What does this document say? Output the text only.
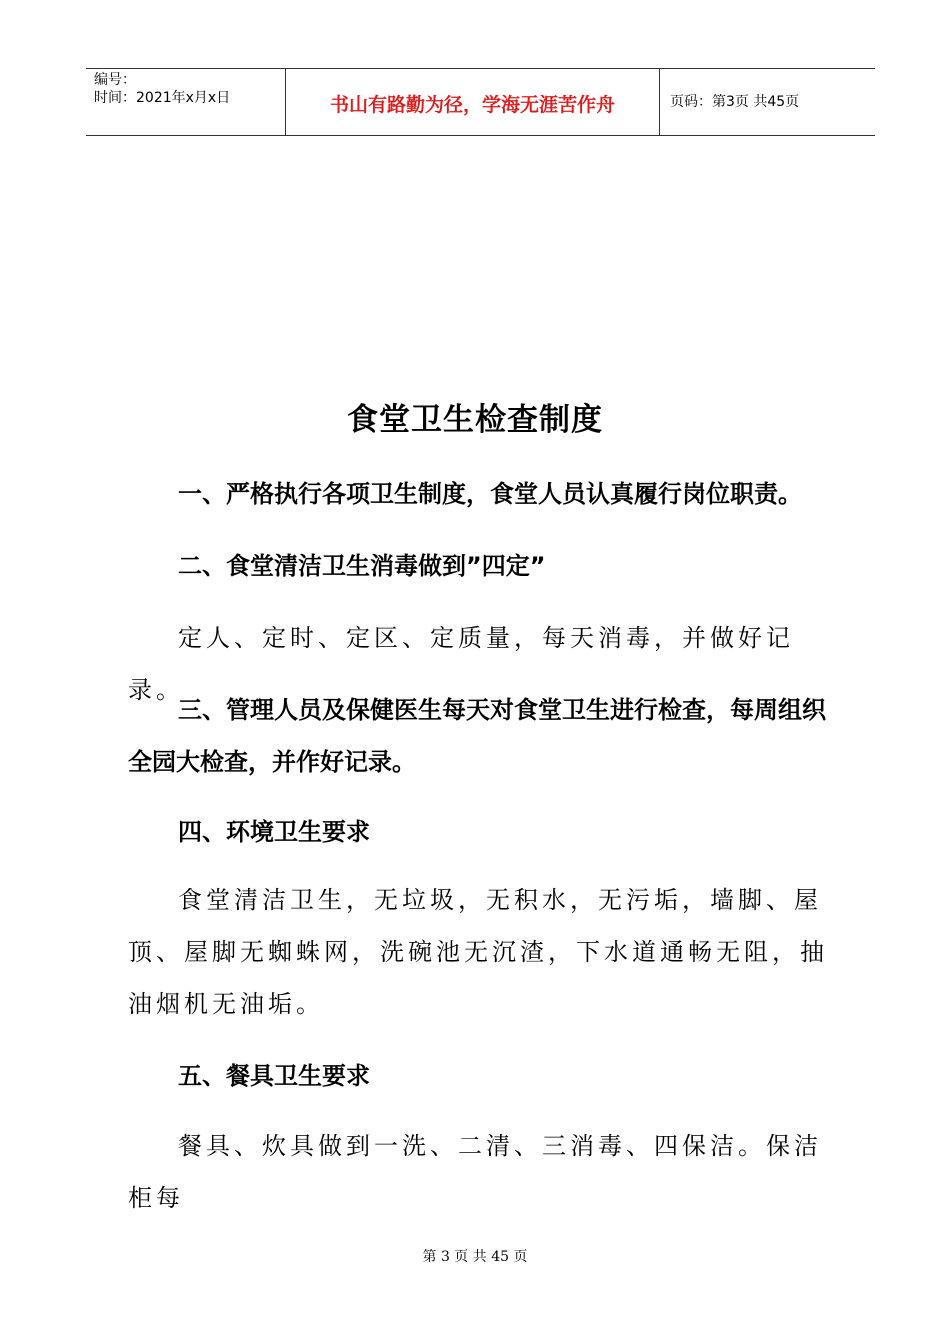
编号：
时间：2021年x月x日	书山有路勤为径，学海无涯苦作舟	页码：第3页 共45页
食堂卫生检查制度

一、严格执行各项卫生制度，食堂人员认真履行岗位职责。

二、食堂清洁卫生消毒做到”四定”

定人、定时、定区、定质量，每天消毒，并做好记录。

三、管理人员及保健医生每天对食堂卫生进行检查，每周组织全园大检查，并作好记录。

四、环境卫生要求

食堂清洁卫生，无垃圾，无积水，无污垢，墙脚、屋顶、屋脚无蜘蛛网，洗碗池无沉渣，下水道通畅无阻，抽油烟机无油垢。

五、餐具卫生要求

餐具、炊具做到一洗、二清、三消毒、四保洁。保洁柜每

第 3 页 共 45 页
